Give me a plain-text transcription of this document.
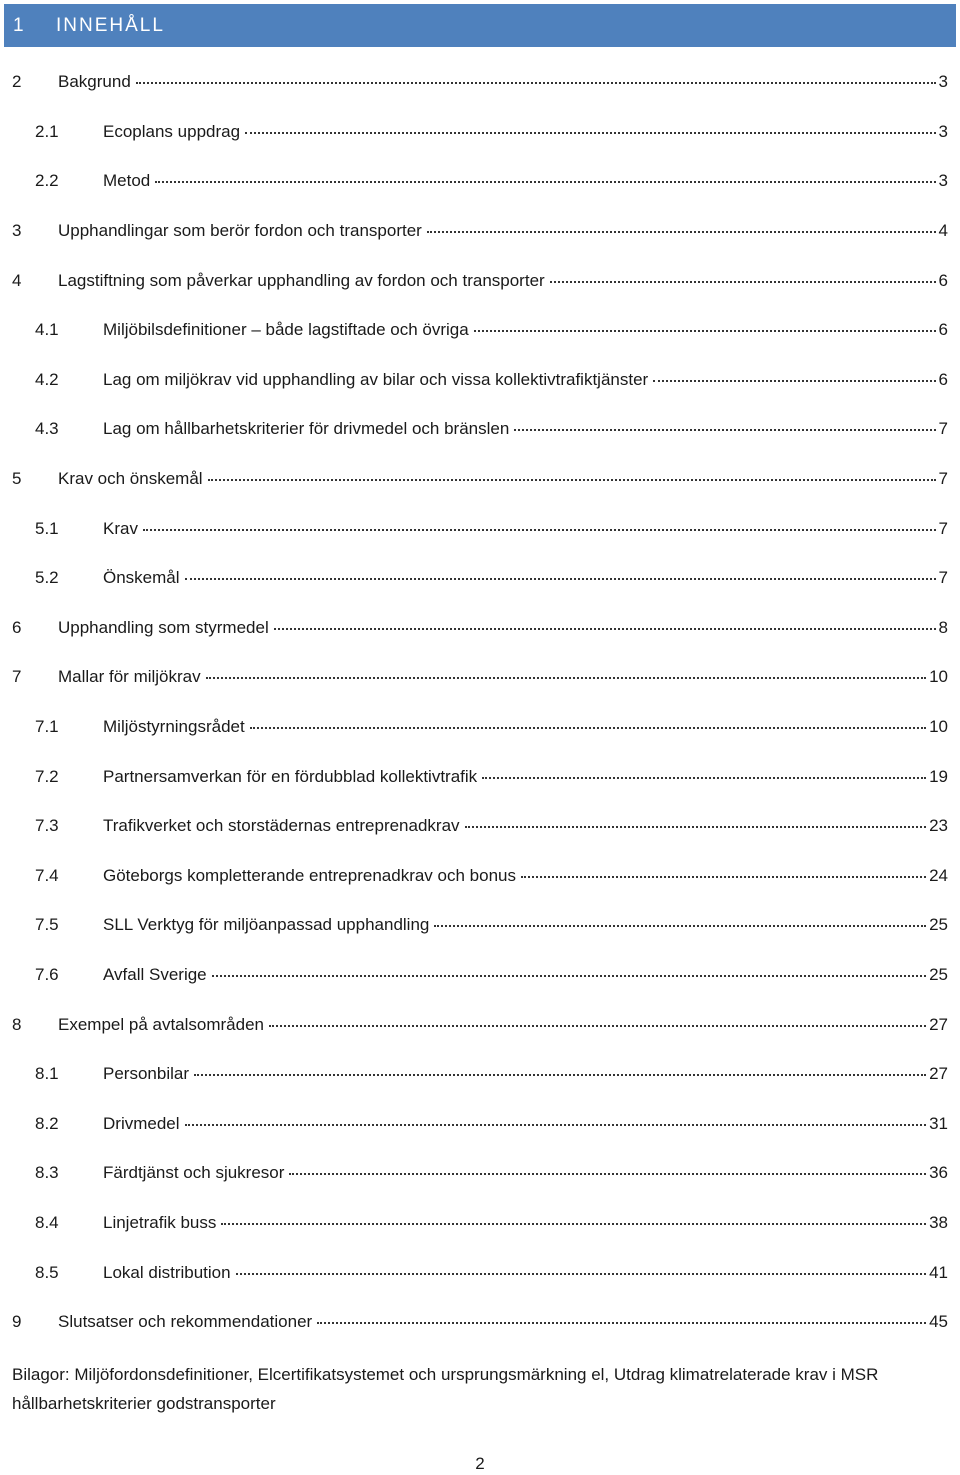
1 INNEHÅLL
2	Bakgrund	3
2.1	Ecoplans uppdrag	3
2.2	Metod	3
3	Upphandlingar som berör fordon och transporter	4
4	Lagstiftning som påverkar upphandling av fordon och transporter	6
4.1	Miljöbilsdefinitioner – både lagstiftade och övriga	6
4.2	Lag om miljökrav vid upphandling av bilar och vissa kollektivtrafiktjänster	6
4.3	Lag om hållbarhetskriterier för drivmedel och bränslen	7
5	Krav och önskemål	7
5.1	Krav	7
5.2	Önskemål	7
6	Upphandling som styrmedel	8
7	Mallar för miljökrav	10
7.1	Miljöstyrningsrådet	10
7.2	Partnersamverkan för en fördubblad kollektivtrafik	19
7.3	Trafikverket och storstädernas entreprenadkrav	23
7.4	Göteborgs kompletterande entreprenadkrav och bonus	24
7.5	SLL Verktyg för miljöanpassad upphandling	25
7.6	Avfall Sverige	25
8	Exempel på avtalsområden	27
8.1	Personbilar	27
8.2	Drivmedel	31
8.3	Färdtjänst och sjukresor	36
8.4	Linjetrafik buss	38
8.5	Lokal distribution	41
9	Slutsatser och rekommendationer	45
Bilagor: Miljöfordonsdefinitioner, Elcertifikatsystemet och ursprungsmärkning el, Utdrag klimatrelaterade krav i MSR hållbarhetskriterier godstransporter
2
